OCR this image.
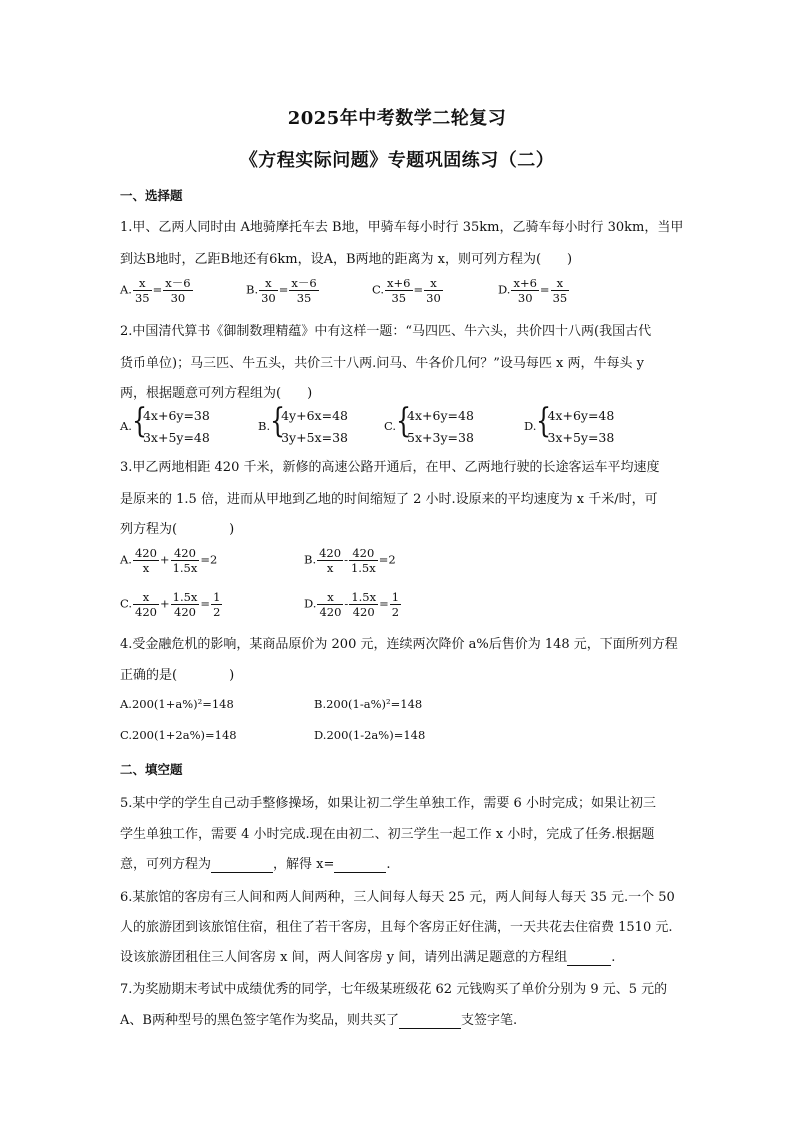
2025年中考数学二轮复习
《方程实际问题》专题巩固练习（二）
一、选择题
1.甲、乙两人同时由 A地骑摩托车去 B地，甲骑车每小时行 35km，乙骑车每小时行 30km，当甲
到达B地时，乙距B地还有6km，设A，B两地的距离为 x，则可列方程为(　　)
A. $\frac{x}{35} = \frac{x-6}{30}$	B. $\frac{x}{30} = \frac{x-6}{35}$	C. $\frac{x+6}{35} = \frac{x}{30}$	D. $\frac{x+6}{30} = \frac{x}{35}$
2.中国清代算书《御制数理精蕴》中有这样一题：“马四匹、牛六头，共价四十八两(我国古代
货币单位)；马三匹、牛五头，共价三十八两.问马、牛各价几何？”设马每匹 x 两，牛每头 y
两，根据题意可列方程组为(　　)
A. {
4x+6y=38
3x+5y=48
B. {
4y+6x=48
3y+5x=38
C. {
4x+6y=48
5x+3y=38
D. {
4x+6y=48
3x+5y=38
3.甲乙两地相距 420 千米，新修的高速公路开通后，在甲、乙两地行驶的长途客运车平均速度
是原来的 1.5 倍，进而从甲地到乙地的时间缩短了 2 小时.设原来的平均速度为 x 千米/时，可
列方程为(　　　　)
A. $\frac{420}{x} + \frac{420}{1.5x} =2$	B. $\frac{420}{x} - \frac{420}{1.5x} =2$
C. $\frac{x}{420} + \frac{1.5x}{420} = \frac{1}{2}$	D. $\frac{x}{420} - \frac{1.5x}{420} = \frac{1}{2}$
4.受金融危机的影响，某商品原价为 200 元，连续两次降价 a%后售价为 148 元，下面所列方程
正确的是(　　　　)
A.200(1+a%)²=148	B.200(1-a%)²=148
C.200(1+2a%)=148	D.200(1-2a%)=148
二、填空题
5.某中学的学生自己动手整修操场，如果让初二学生单独工作，需要 6 小时完成；如果让初三
学生单独工作，需要 4 小时完成.现在由初二、初三学生一起工作 x 小时，完成了任务.根据题
意，可列方程为	，解得 x=	.
6.某旅馆的客房有三人间和两人间两种，三人间每人每天 25 元，两人间每人每天 35 元.一个 50
人的旅游团到该旅馆住宿，租住了若干客房，且每个客房正好住满，一天共花去住宿费 1510 元.
设该旅游团租住三人间客房 x 间，两人间客房 y 间，请列出满足题意的方程组	.
7.为奖励期末考试中成绩优秀的同学，七年级某班级花 62 元钱购买了单价分别为 9 元、5 元的
A、B两种型号的黑色签字笔作为奖品，则共买了	支签字笔.
